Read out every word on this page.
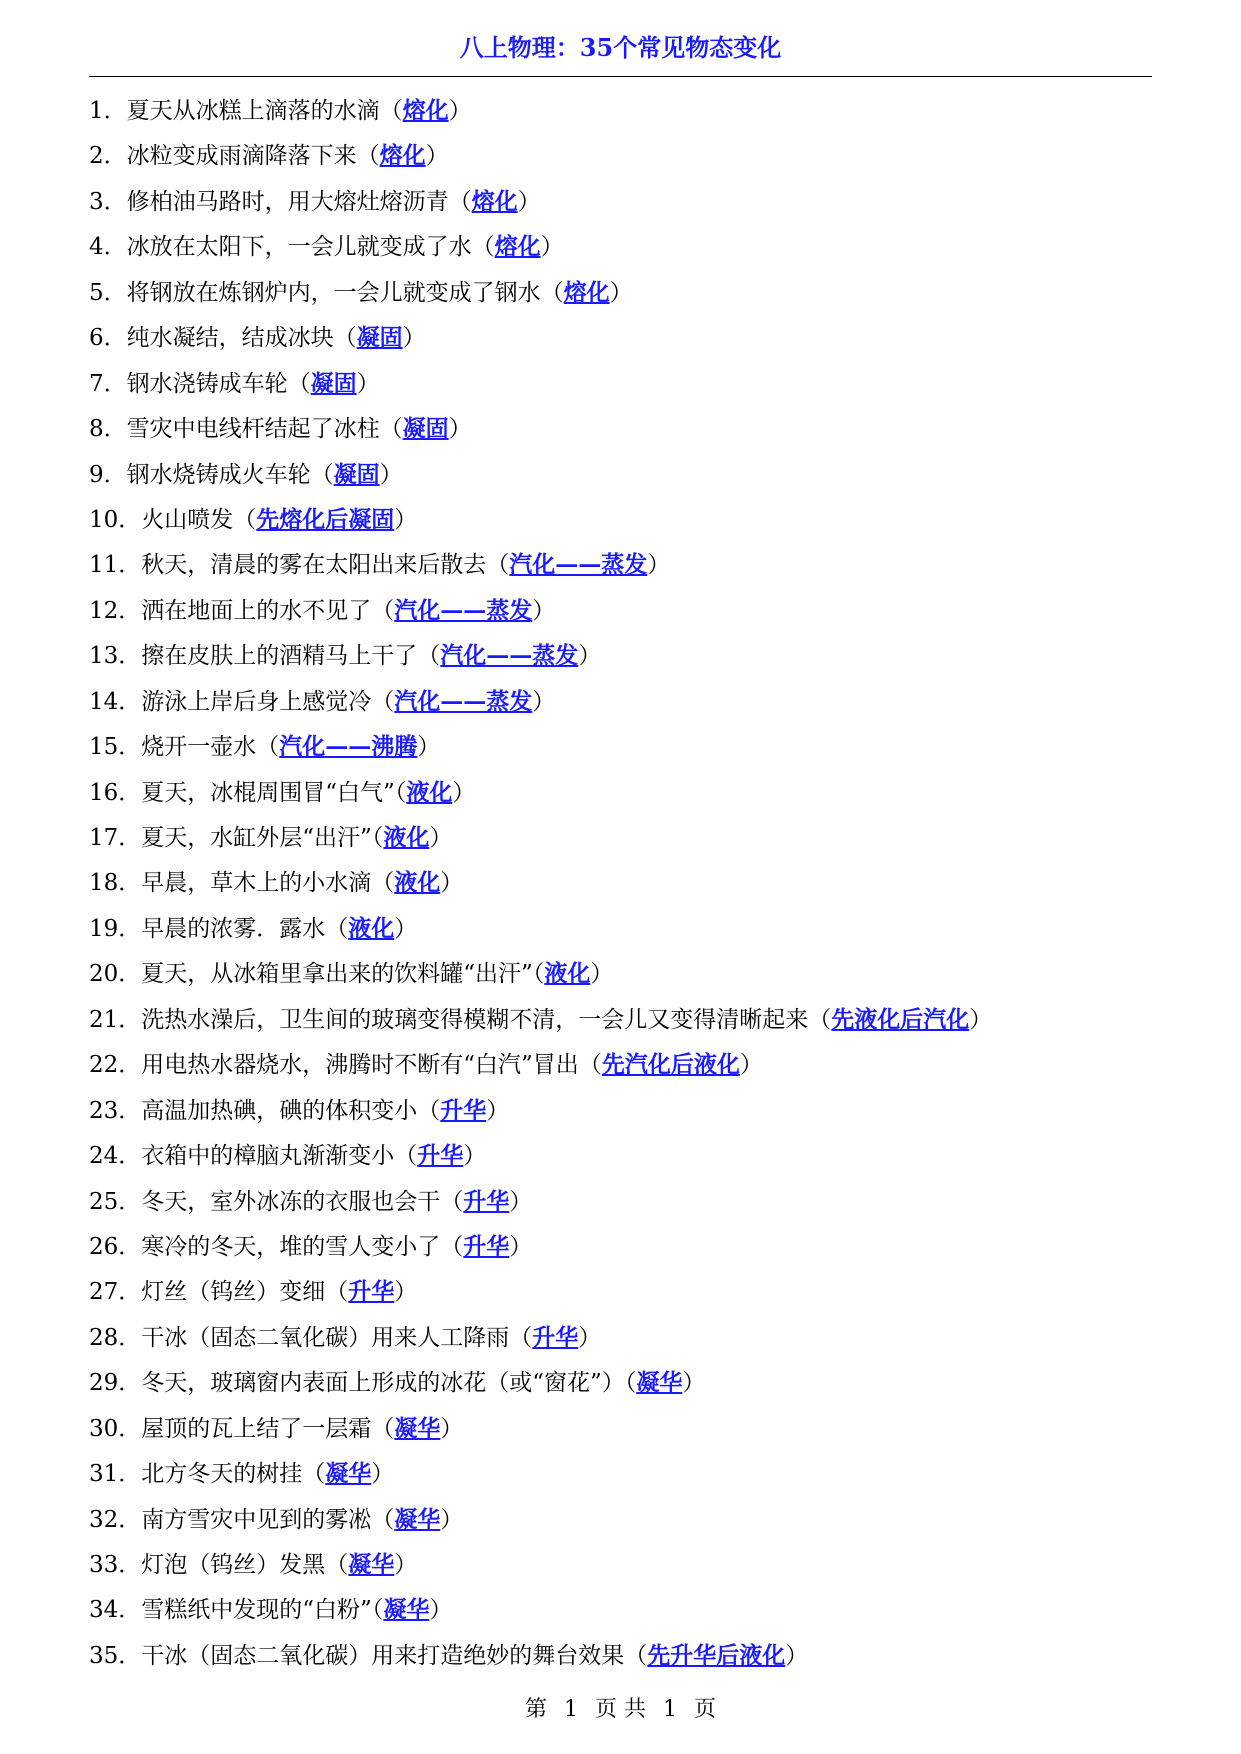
八上物理：35个常见物态变化
1．夏天从冰糕上滴落的水滴（熔化）
2．冰粒变成雨滴降落下来（熔化）
3．修柏油马路时，用大熔灶熔沥青（熔化）
4．冰放在太阳下，一会儿就变成了水（熔化）
5．将钢放在炼钢炉内，一会儿就变成了钢水（熔化）
6．纯水凝结，结成冰块（凝固）
7．钢水浇铸成车轮（凝固）
8．雪灾中电线杆结起了冰柱（凝固）
9．钢水烧铸成火车轮（凝固）
10．火山喷发（先熔化后凝固）
11．秋天，清晨的雾在太阳出来后散去（汽化——蒸发）
12．洒在地面上的水不见了（汽化——蒸发）
13．擦在皮肤上的酒精马上干了（汽化——蒸发）
14．游泳上岸后身上感觉冷（汽化——蒸发）
15．烧开一壶水（汽化——沸腾）
16．夏天，冰棍周围冒“白气”（液化）
17．夏天，水缸外层“出汗”（液化）
18．早晨，草木上的小水滴（液化）
19．早晨的浓雾．露水（液化）
20．夏天，从冰箱里拿出来的饮料罐“出汗”（液化）
21．洗热水澡后，卫生间的玻璃变得模糊不清，一会儿又变得清晰起来（先液化后汽化）
22．用电热水器烧水，沸腾时不断有“白汽”冒出（先汽化后液化）
23．高温加热碘，碘的体积变小（升华）
24．衣箱中的樟脑丸渐渐变小（升华）
25．冬天，室外冰冻的衣服也会干（升华）
26．寒冷的冬天，堆的雪人变小了（升华）
27．灯丝（钨丝）变细（升华）
28．干冰（固态二氧化碳）用来人工降雨（升华）
29．冬天，玻璃窗内表面上形成的冰花（或“窗花”）（凝华）
30．屋顶的瓦上结了一层霜（凝华）
31．北方冬天的树挂（凝华）
32．南方雪灾中见到的雾凇（凝华）
33．灯泡（钨丝）发黑（凝华）
34．雪糕纸中发现的“白粉”（凝华）
35．干冰（固态二氧化碳）用来打造绝妙的舞台效果（先升华后液化）
第 1 页 共 1 页
